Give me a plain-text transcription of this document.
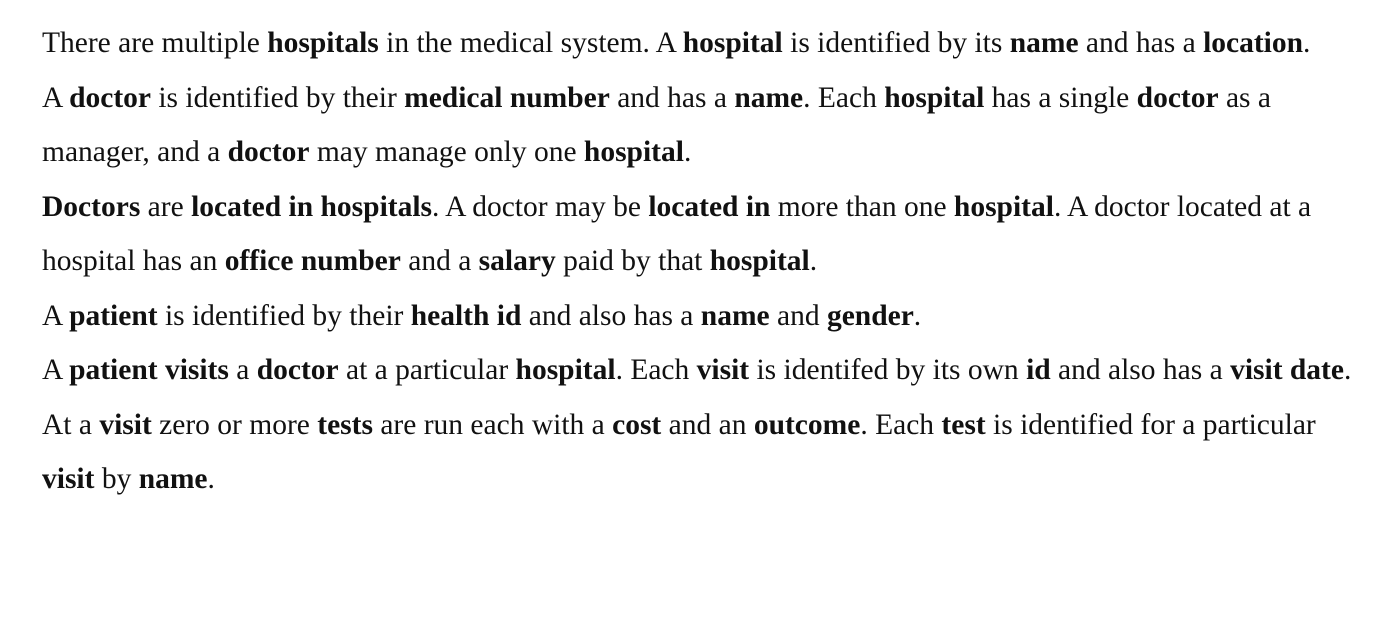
There are multiple hospitals in the medical system. A hospital is identified by its name and has a location.

A doctor is identified by their medical number and has a name. Each hospital has a single doctor as a manager, and a doctor may manage only one hospital.

Doctors are located in hospitals. A doctor may be located in more than one hospital. A doctor located at a hospital has an office number and a salary paid by that hospital.

A patient is identified by their health id and also has a name and gender.

A patient visits a doctor at a particular hospital. Each visit is identifed by its own id and also has a visit date.

At a visit zero or more tests are run each with a cost and an outcome. Each test is identified for a particular visit by name.
